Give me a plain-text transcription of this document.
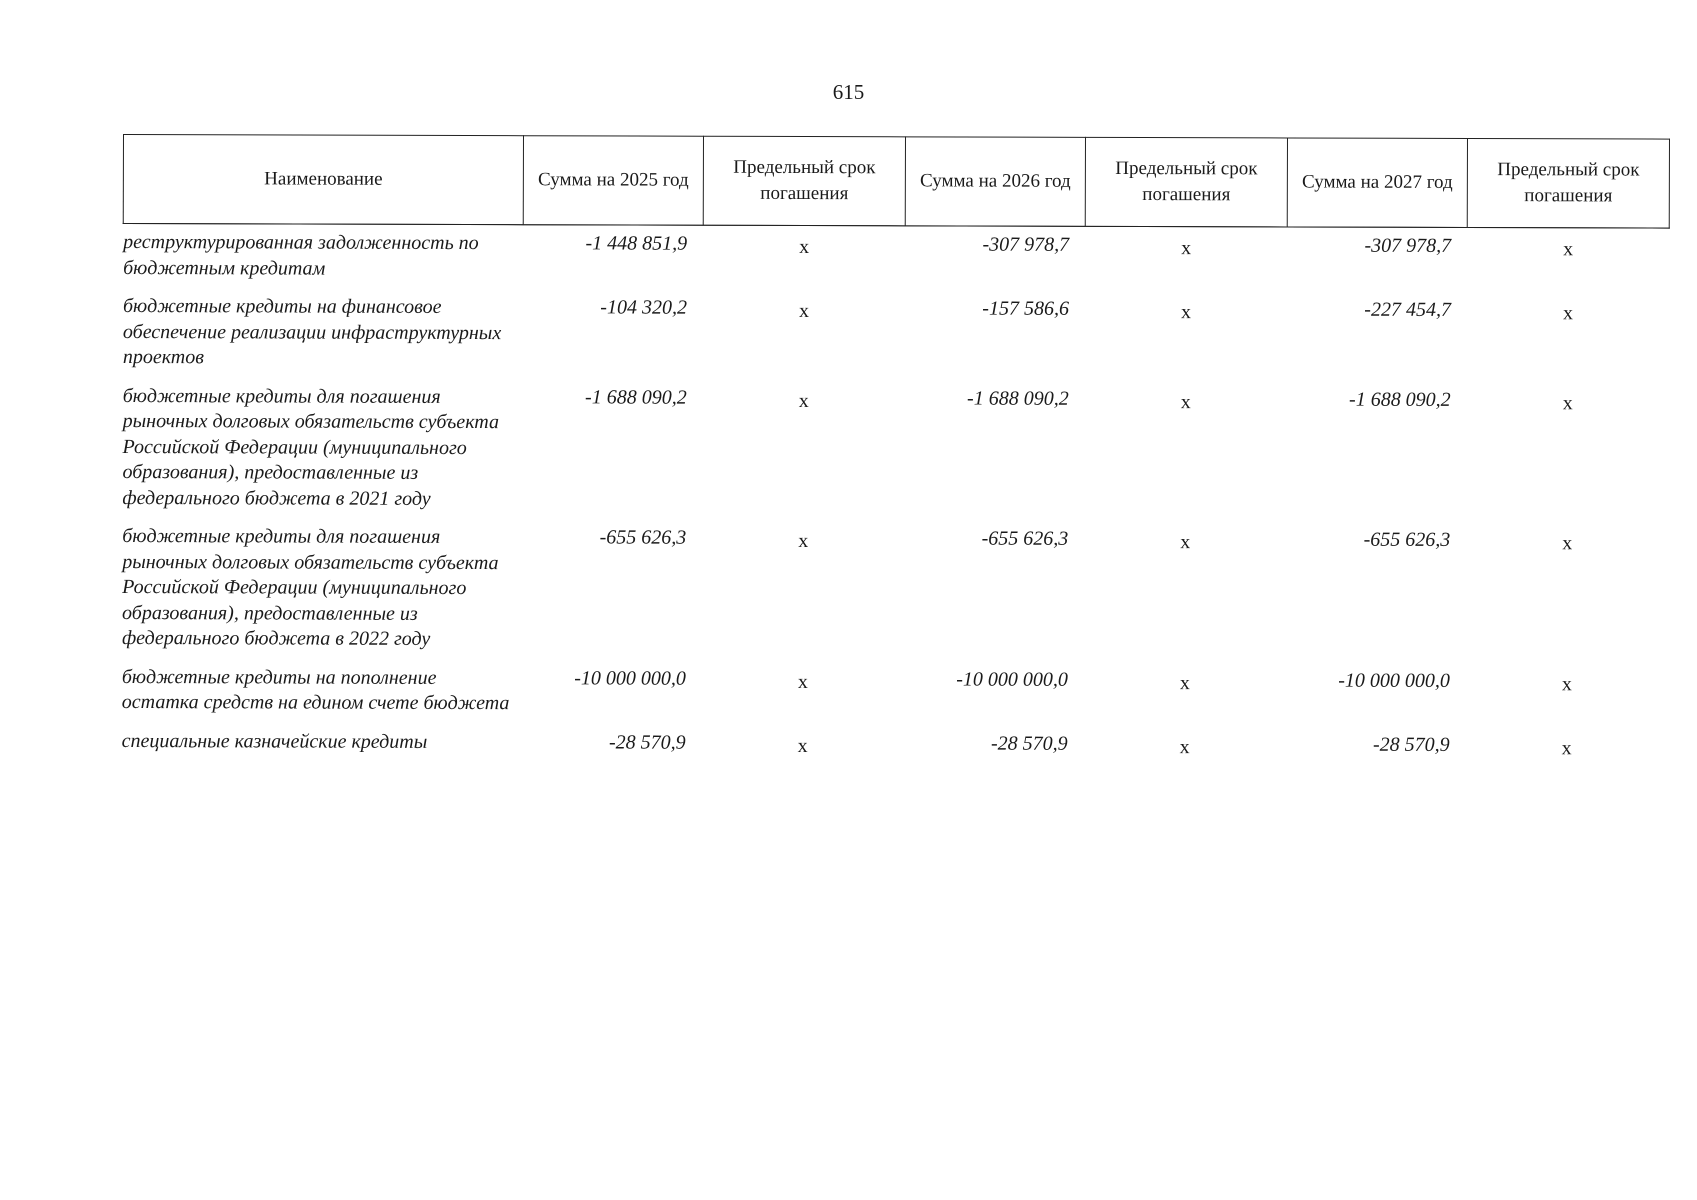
615
Наименование	Сумма на 2025 год	Предельный срок погашения	Сумма на 2026 год	Предельный срок погашения	Сумма на 2027 год	Предельный срок погашения
реструктурированная задолженность по бюджетным кредитам	-1 448 851,9	х	-307 978,7	х	-307 978,7	х
бюджетные кредиты на финансовое обеспечение реализации инфраструктурных проектов	-104 320,2	х	-157 586,6	х	-227 454,7	х
бюджетные кредиты для погашения рыночных долговых обязательств субъекта Российской Федерации (муниципального образования), предоставленные из федерального бюджета в 2021 году	-1 688 090,2	х	-1 688 090,2	х	-1 688 090,2	х
бюджетные кредиты для погашения рыночных долговых обязательств субъекта Российской Федерации (муниципального образования), предоставленные из федерального бюджета в 2022 году	-655 626,3	х	-655 626,3	х	-655 626,3	х
бюджетные кредиты на пополнение остатка средств на едином счете бюджета	-10 000 000,0	х	-10 000 000,0	х	-10 000 000,0	х
специальные казначейские кредиты	-28 570,9	х	-28 570,9	х	-28 570,9	х
